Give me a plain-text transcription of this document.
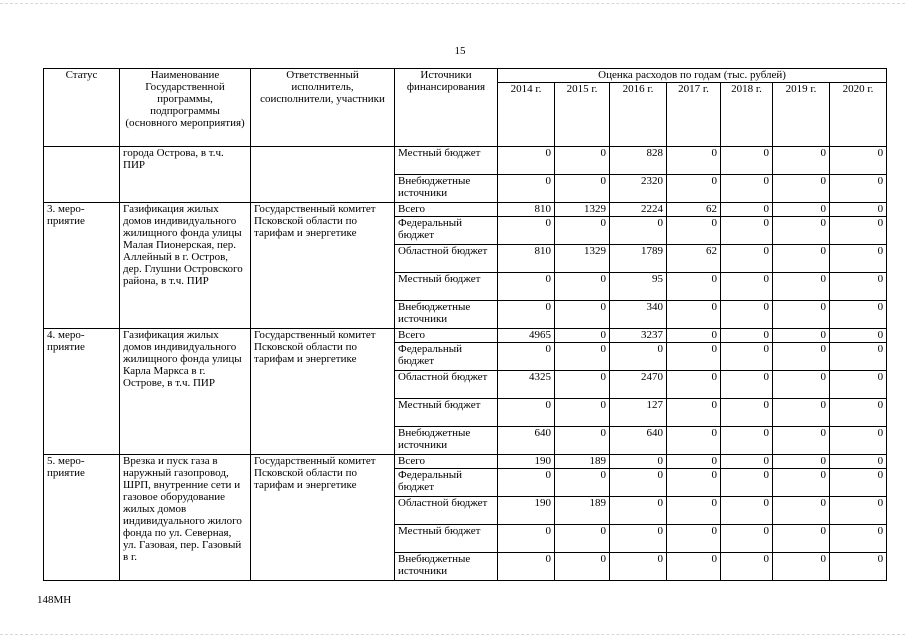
15
Статус	Наименование Государственной программы, подпрограммы (основного мероприятия)	Ответственный исполнитель, соисполнители, участники	Источники финансирования	Оценка расходов по годам (тыс. рублей)						
				2014 г.	2015 г.	2016 г.	2017 г.	2018 г.	2019 г.	2020 г.
	города Острова, в т.ч. ПИР		Местный бюджет	0	0	828	0	0	0	0
			Внебюджетные источники	0	0	2320	0	0	0	0
3. меро-приятие	Газификация жилых домов индивидуального жилищного фонда улицы Малая Пионерская, пер. Аллейный в г. Остров, дер. Глушни Островского района, в т.ч. ПИР	Государственный комитет Псковской области по тарифам и энергетике	Всего	810	1329	2224	62	0	0	0
			Федеральный бюджет	0	0	0	0	0	0	0
			Областной бюджет	810	1329	1789	62	0	0	0
			Местный бюджет	0	0	95	0	0	0	0
			Внебюджетные источники	0	0	340	0	0	0	0
4. меро-приятие	Газификация жилых домов индивидуального жилищного фонда улицы Карла Маркса в г. Острове, в т.ч. ПИР	Государственный комитет Псковской области по тарифам и энергетике	Всего	4965	0	3237	0	0	0	0
			Федеральный бюджет	0	0	0	0	0	0	0
			Областной бюджет	4325	0	2470	0	0	0	0
			Местный бюджет	0	0	127	0	0	0	0
			Внебюджетные источники	640	0	640	0	0	0	0
5. меро-приятие	Врезка и пуск газа в наружный газопровод, ШРП, внутренние сети и газовое оборудование жилых домов индивидуального жилого фонда по ул. Северная, ул. Газовая, пер. Газовый в г.	Государственный комитет Псковской области по тарифам и энергетике	Всего	190	189	0	0	0	0	0
			Федеральный бюджет	0	0	0	0	0	0	0
			Областной бюджет	190	189	0	0	0	0	0
			Местный бюджет	0	0	0	0	0	0	0
			Внебюджетные источники	0	0	0	0	0	0	0
148МН
